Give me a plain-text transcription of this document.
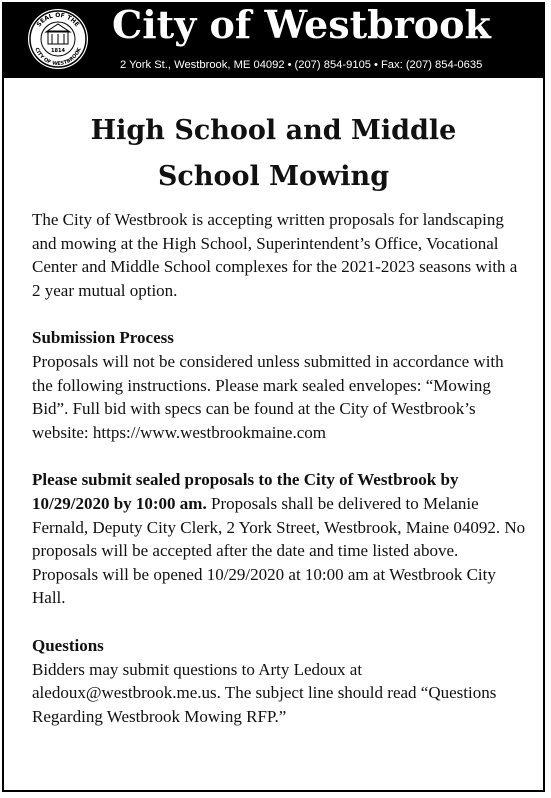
SEAL OF THE
CITY OF WESTBROOK
1814
City of Westbrook
2 York St., Westbrook, ME 04092 • (207) 854-9105 • Fax: (207) 854-0635
High School and Middle
School Mowing

The City of Westbrook is accepting written proposals for landscaping and mowing at the High School, Superintendent’s Office, Vocational Center and Middle School complexes for the 2021-2023 seasons with a 2 year mutual option.

Submission Process

Proposals will not be considered unless submitted in accordance with the following instructions. Please mark sealed envelopes: “Mowing Bid”. Full bid with specs can be found at the City of Westbrook’s website: https://www.westbrookmaine.com

Please submit sealed proposals to the City of Westbrook by 10/29/2020 by 10:00 am. Proposals shall be delivered to Melanie Fernald, Deputy City Clerk, 2 York Street, Westbrook, Maine 04092. No proposals will be accepted after the date and time listed above. Proposals will be opened 10/29/2020 at 10:00 am at Westbrook City Hall.

Questions

Bidders may submit questions to Arty Ledoux at aledoux@westbrook.me.us. The subject line should read “Questions Regarding Westbrook Mowing RFP.”
